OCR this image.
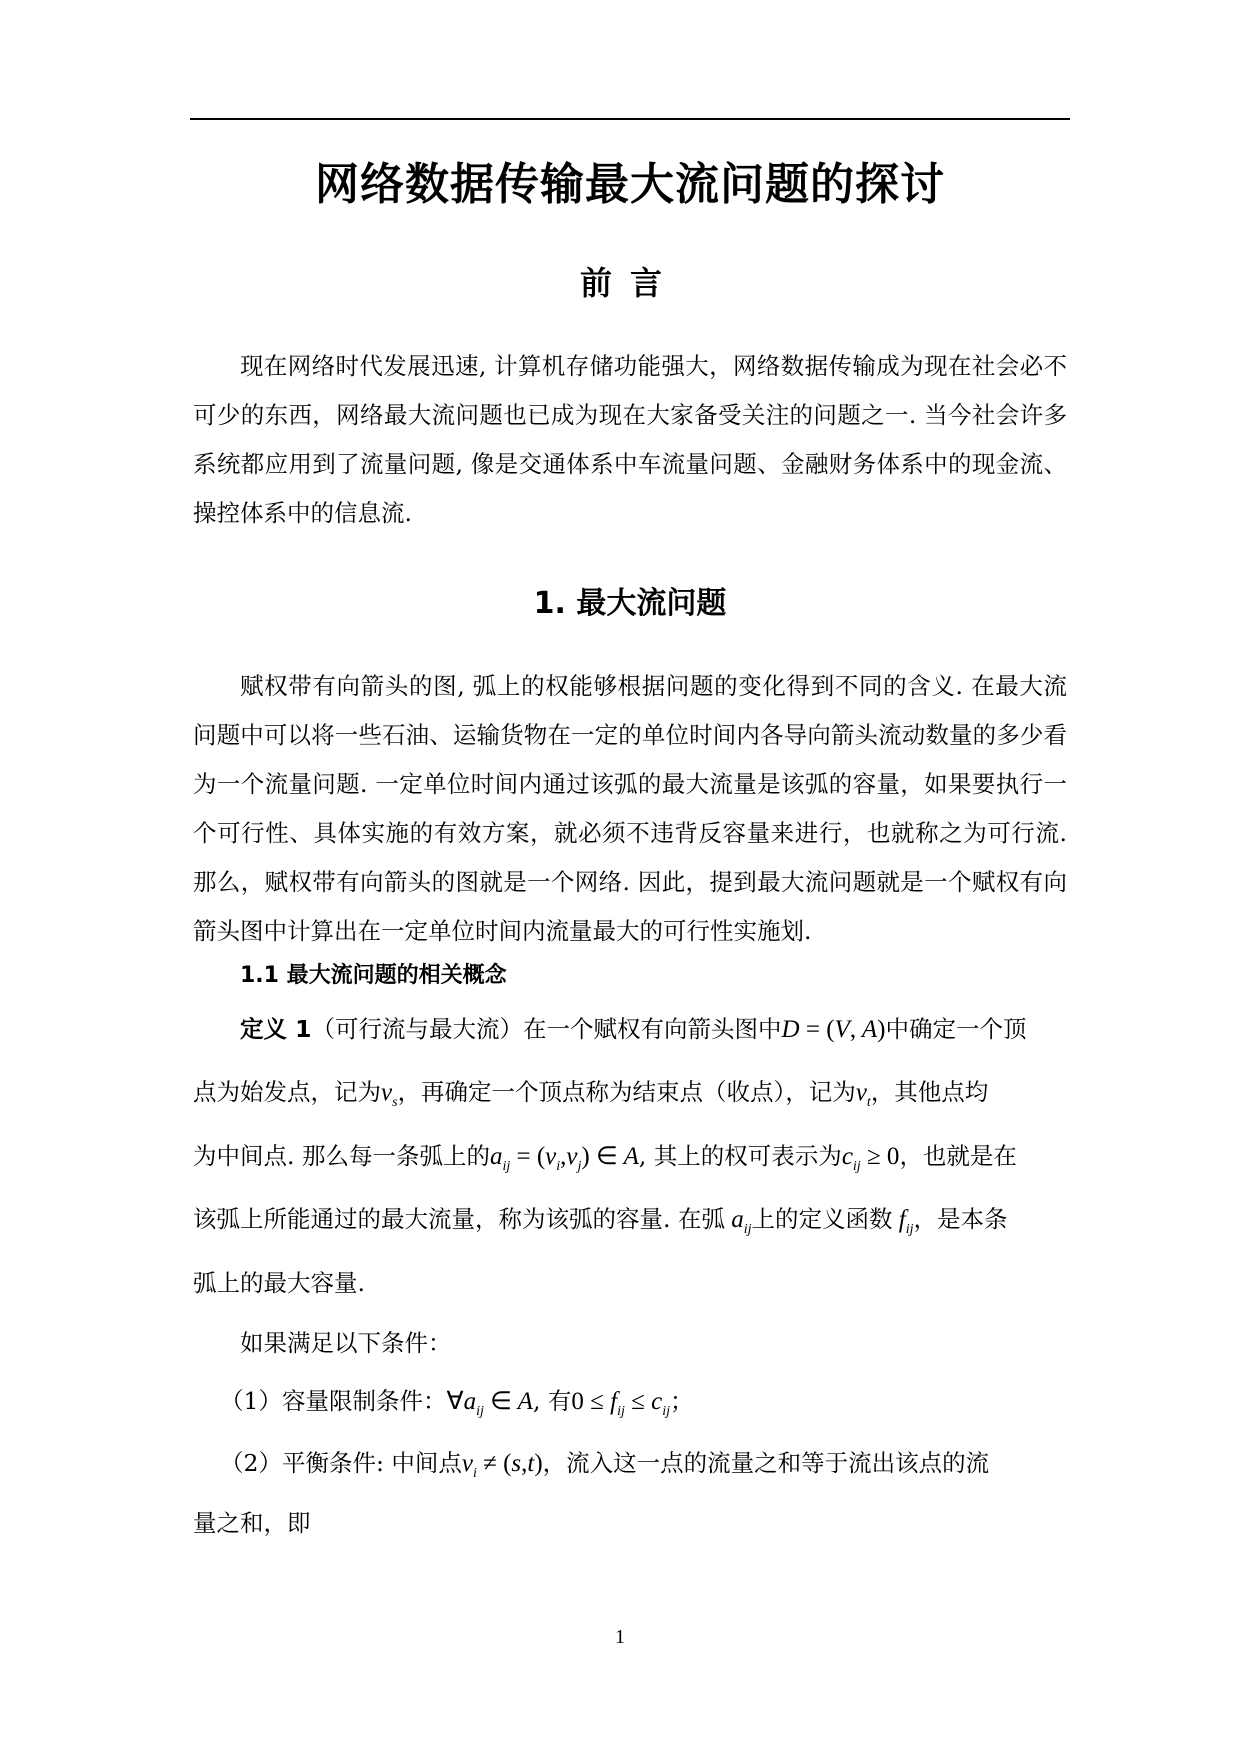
网络数据传输最大流问题的探讨
前言
现在网络时代发展迅速, 计算机存储功能强大，网络数据传输成为现在社会必不可少的东西，网络最大流问题也已成为现在大家备受关注的问题之一. 当今社会许多系统都应用到了流量问题, 像是交通体系中车流量问题、金融财务体系中的现金流、操控体系中的信息流.
1. 最大流问题
赋权带有向箭头的图, 弧上的权能够根据问题的变化得到不同的含义. 在最大流问题中可以将一些石油、运输货物在一定的单位时间内各导向箭头流动数量的多少看为一个流量问题. 一定单位时间内通过该弧的最大流量是该弧的容量，如果要执行一个可行性、具体实施的有效方案，就必须不违背反容量来进行，也就称之为可行流. 那么，赋权带有向箭头的图就是一个网络. 因此，提到最大流问题就是一个赋权有向箭头图中计算出在一定单位时间内流量最大的可行性实施划.
1.1 最大流问题的相关概念
定义 1（可行流与最大流）在一个赋权有向箭头图中D = (V, A)中确定一个顶
点为始发点，记为$v_s$，再确定一个顶点称为结束点（收点），记为$v_t$，其他点均
为中间点. 那么每一条弧上的$a_{ij} = (v_i,v_j)$ ∈ A, 其上的权可表示为$c_{ij} \ge 0$，也就是在
该弧上所能通过的最大流量，称为该弧的容量. 在弧 $a_{ij}$上的定义函数 $f_{ij}$，是本条
弧上的最大容量.
如果满足以下条件：
（1）容量限制条件：$\forall a_{ij}$ ∈ A, 有$0 \le f_{ij} \le c_{ij}$；
（2）平衡条件: 中间点$v_i \ne (s,t)$，流入这一点的流量之和等于流出该点的流
量之和，即
1
